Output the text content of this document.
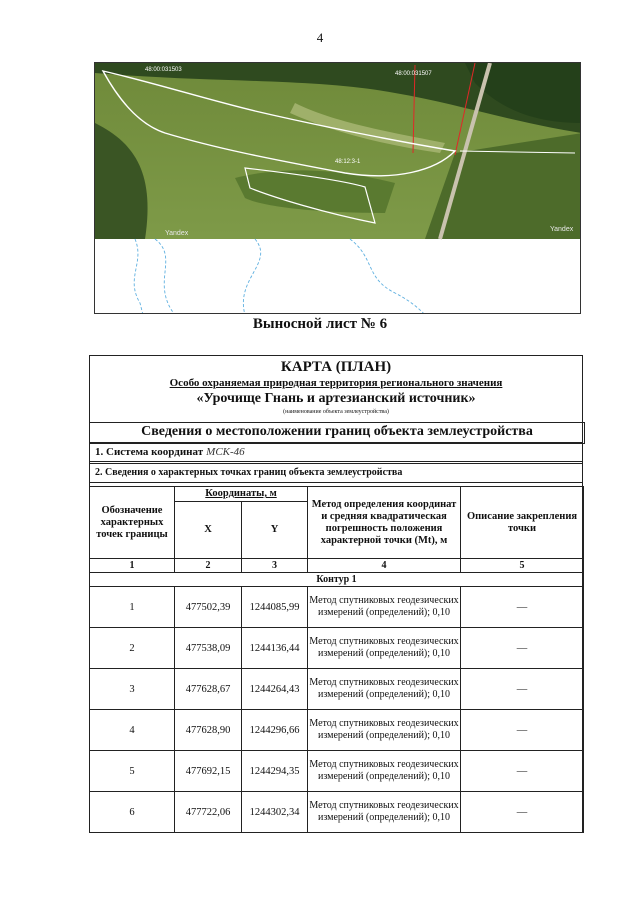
4
48:00:031503
48:00:031507
48:12:3-1
Yandex
Yandex
Выносной лист № 6
КАРТА (ПЛАН)
Особо охраняемая природная территория регионального значения
«Урочище Гнань и артезианский источник»
(наименование объекта землеустройства)
Сведения о местоположении границ объекта землеустройства
1. Система координат МСК-46
2. Сведения о характерных точках границ объекта землеустройства
Обозначение характерных точек границы	Координаты, м		Метод определения координат и средняя квадратическая погрешность положения характерной точки (Мt), м	Описание закрепления точки
	X	Y		
1	2	3	4	5
Контур 1				
1	477502,39	1244085,99	Метод спутниковых геодезических измерений (определений); 0,10	—
2	477538,09	1244136,44	Метод спутниковых геодезических измерений (определений); 0,10	—
3	477628,67	1244264,43	Метод спутниковых геодезических измерений (определений); 0,10	—
4	477628,90	1244296,66	Метод спутниковых геодезических измерений (определений); 0,10	—
5	477692,15	1244294,35	Метод спутниковых геодезических измерений (определений); 0,10	—
6	477722,06	1244302,34	Метод спутниковых геодезических измерений (определений); 0,10	—
